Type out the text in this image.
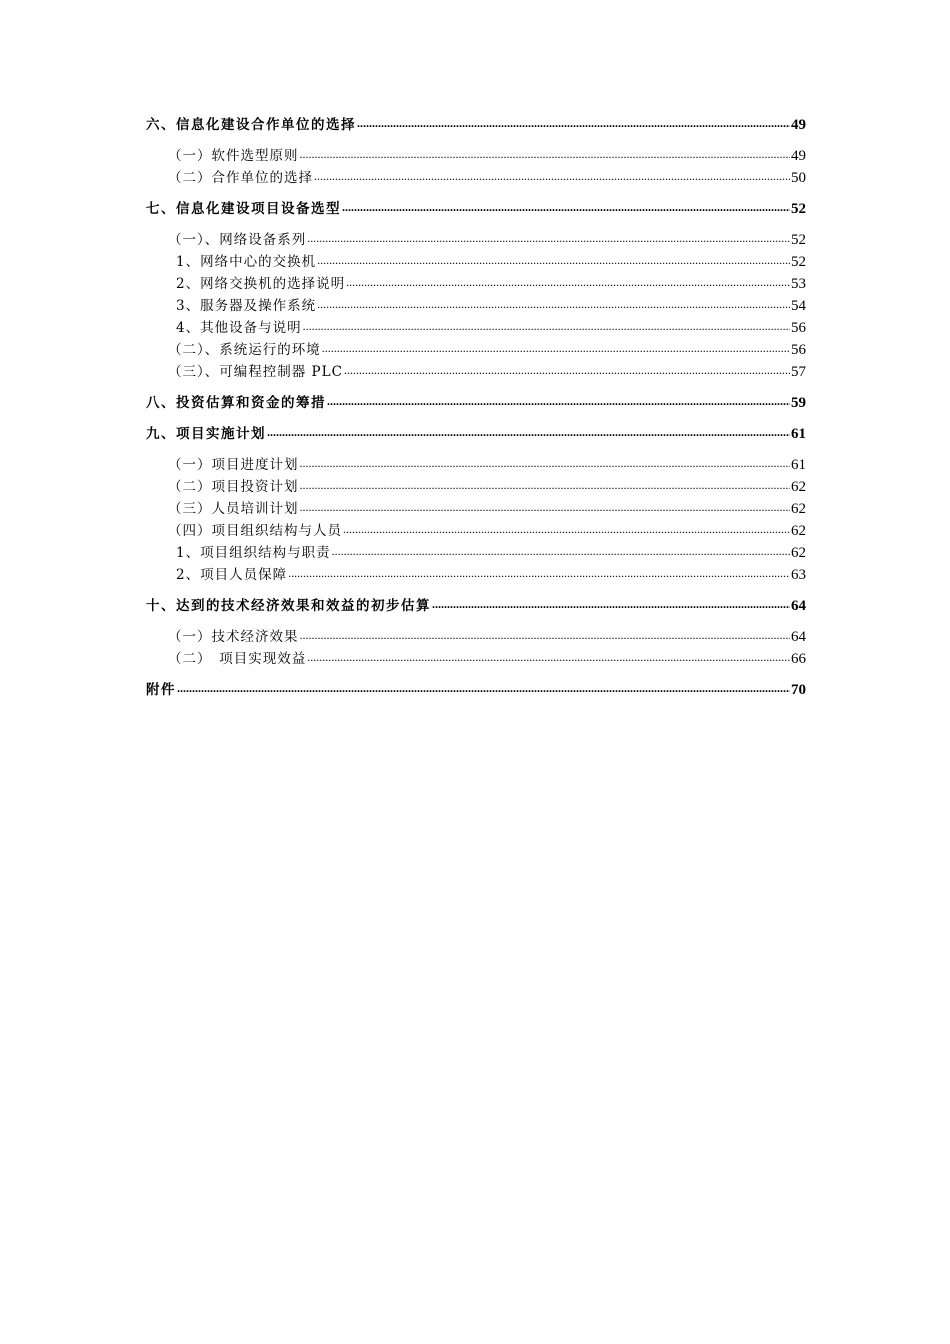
六、信息化建设合作单位的选择 .....	49
（一）软件选型原则 .....	49
（二）合作单位的选择 .....	50
七、信息化建设项目设备选型 .....	52
（一）、网络设备系列 .....	52
1、网络中心的交换机 .....	52
2、网络交换机的选择说明 .....	53
3、服务器及操作系统 .....	54
4、其他设备与说明 .....	56
（二）、系统运行的环境 .....	56
（三）、可编程控制器 PLC .....	57
八、投资估算和资金的筹措 .....	59
九、项目实施计划 .....	61
（一）项目进度计划 .....	61
（二）项目投资计划 .....	62
（三）人员培训计划 .....	62
（四）项目组织结构与人员 .....	62
1、项目组织结构与职责 .....	62
2、项目人员保障 .....	63
十、达到的技术经济效果和效益的初步估算 .....	64
（一）技术经济效果 .....	64
（二）　项目实现效益 .....	66
附件 .....	70
